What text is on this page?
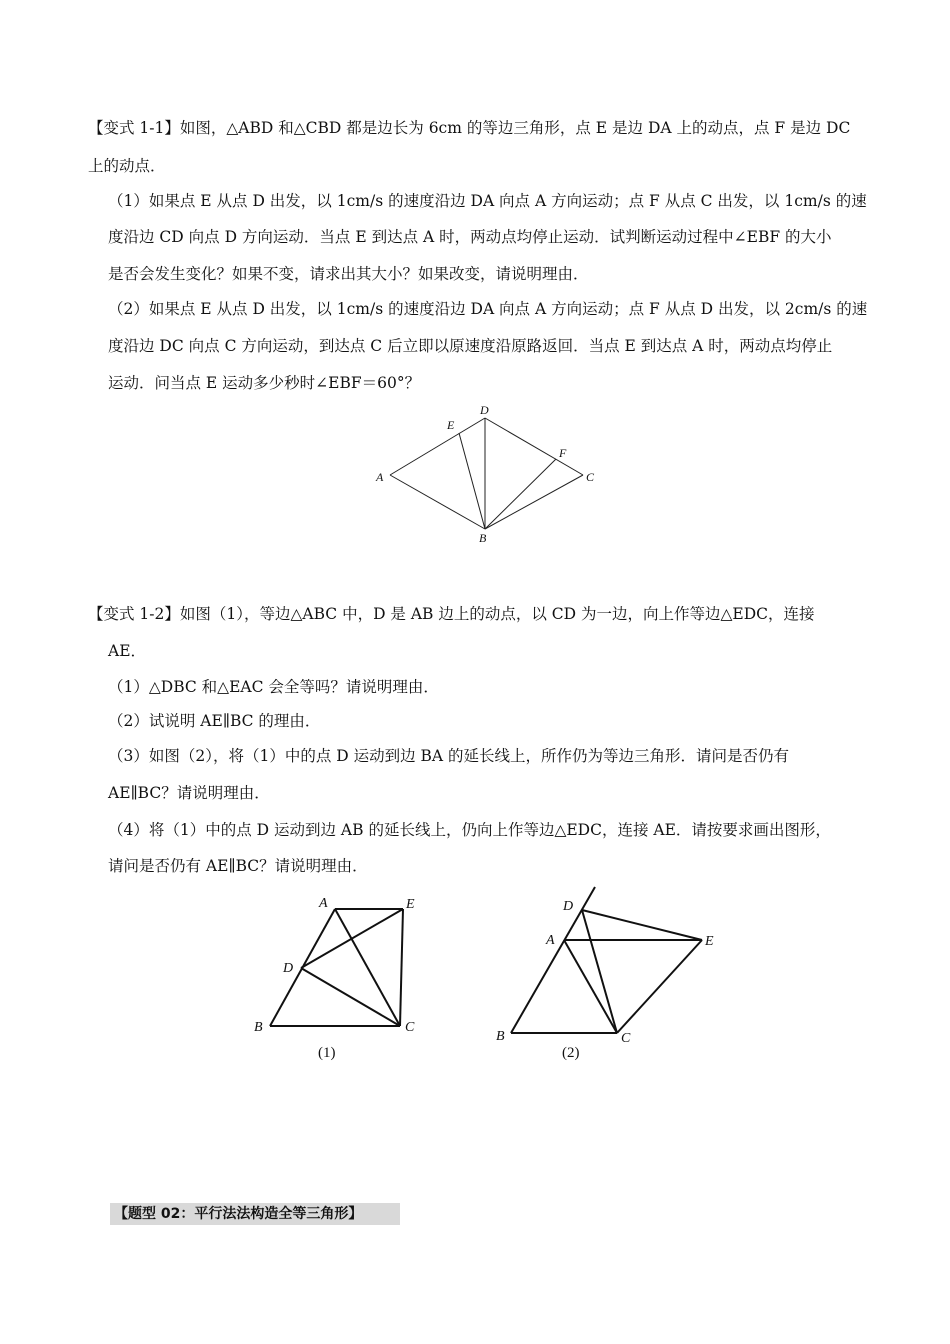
【变式 1-1】如图，△ABD 和△CBD 都是边长为 6cm 的等边三角形，点 E 是边 DA 上的动点，点 F 是边 DC
上的动点．
（1）如果点 E 从点 D 出发，以 1cm/s 的速度沿边 DA 向点 A 方向运动；点 F 从点 C 出发，以 1cm/s 的速
度沿边 CD 向点 D 方向运动．当点 E 到达点 A 时，两动点均停止运动．试判断运动过程中∠EBF 的大小
是否会发生变化？如果不变，请求出其大小？如果改变，请说明理由．
（2）如果点 E 从点 D 出发，以 1cm/s 的速度沿边 DA 向点 A 方向运动；点 F 从点 D 出发，以 2cm/s 的速
度沿边 DC 向点 C 方向运动，到达点 C 后立即以原速度沿原路返回．当点 E 到达点 A 时，两动点均停止
运动．问当点 E 运动多少秒时∠EBF＝60°？
A
D
E
F
C
B
【变式 1-2】如图（1），等边△ABC 中，D 是 AB 边上的动点，以 CD 为一边，向上作等边△EDC，连接
AE．
（1）△DBC 和△EAC 会全等吗？请说明理由．
（2）试说明 AE∥BC 的理由．
（3）如图（2），将（1）中的点 D 运动到边 BA 的延长线上，所作仍为等边三角形．请问是否仍有
AE∥BC？请说明理由．
（4）将（1）中的点 D 运动到边 AB 的延长线上，仍向上作等边△EDC，连接 AE．请按要求画出图形，
请问是否仍有 AE∥BC？请说明理由．
A	E
D
B	C
(1)
D
A	E
B	C
(2)
【题型 02：平行法法构造全等三角形】
